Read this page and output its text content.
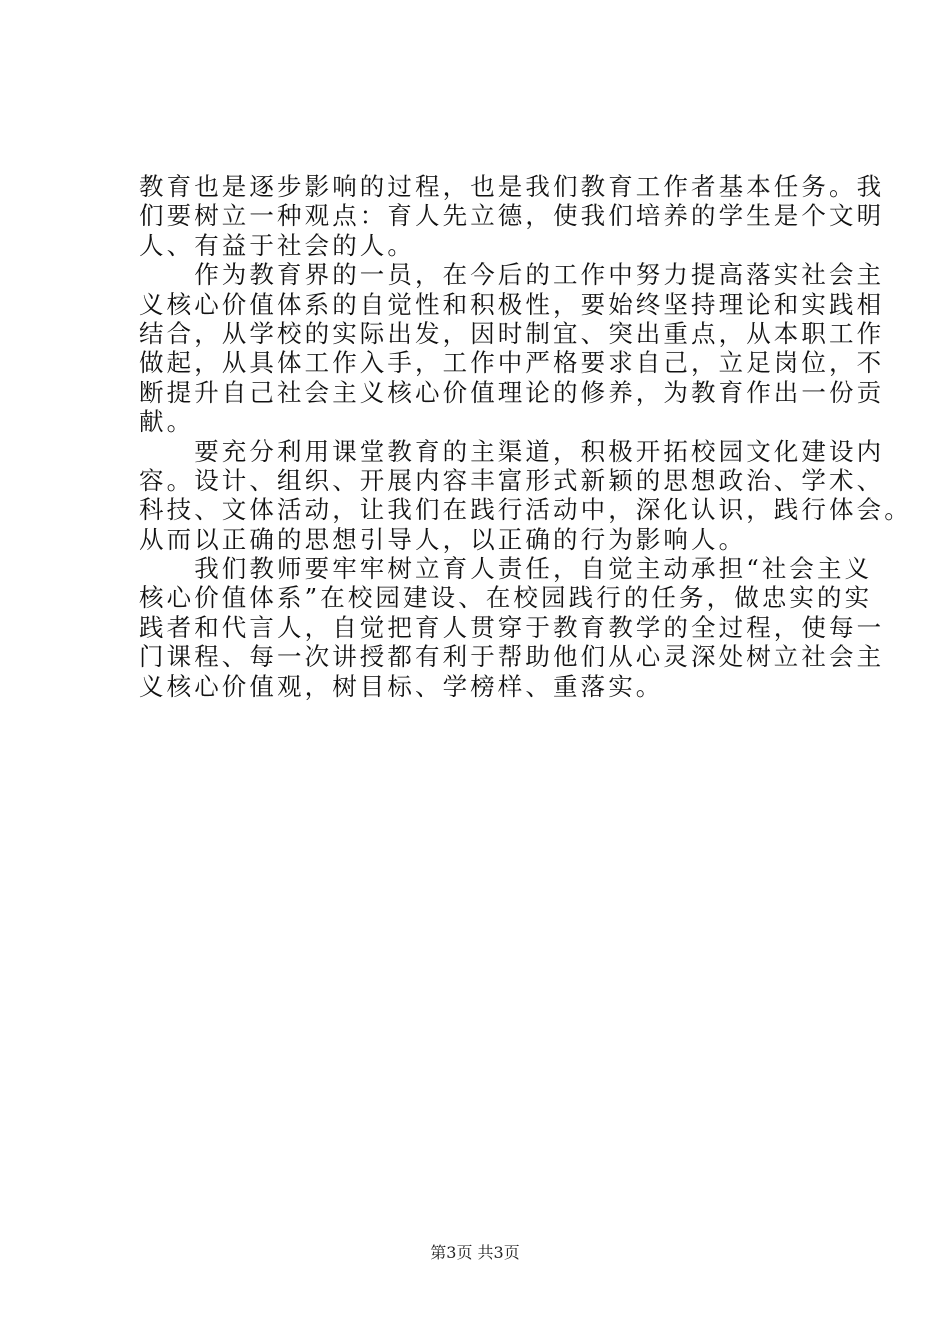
教育也是逐步影响的过程，也是我们教育工作者基本任务。我
们要树立一种观点：育人先立德，使我们培养的学生是个文明
人、有益于社会的人。
　　作为教育界的一员，在今后的工作中努力提高落实社会主
义核心价值体系的自觉性和积极性，要始终坚持理论和实践相
结合，从学校的实际出发，因时制宜、突出重点，从本职工作
做起，从具体工作入手，工作中严格要求自己，立足岗位，不
断提升自己社会主义核心价值理论的修养，为教育作出一份贡
献。
　　要充分利用课堂教育的主渠道，积极开拓校园文化建设内
容。设计、组织、开展内容丰富形式新颖的思想政治、学术、
科技、文体活动，让我们在践行活动中，深化认识，践行体会。
从而以正确的思想引导人，以正确的行为影响人。
　　我们教师要牢牢树立育人责任，自觉主动承担“社会主义
核心价值体系”在校园建设、在校园践行的任务，做忠实的实
践者和代言人，自觉把育人贯穿于教育教学的全过程，使每一
门课程、每一次讲授都有利于帮助他们从心灵深处树立社会主
义核心价值观，树目标、学榜样、重落实。
第3页 共3页
